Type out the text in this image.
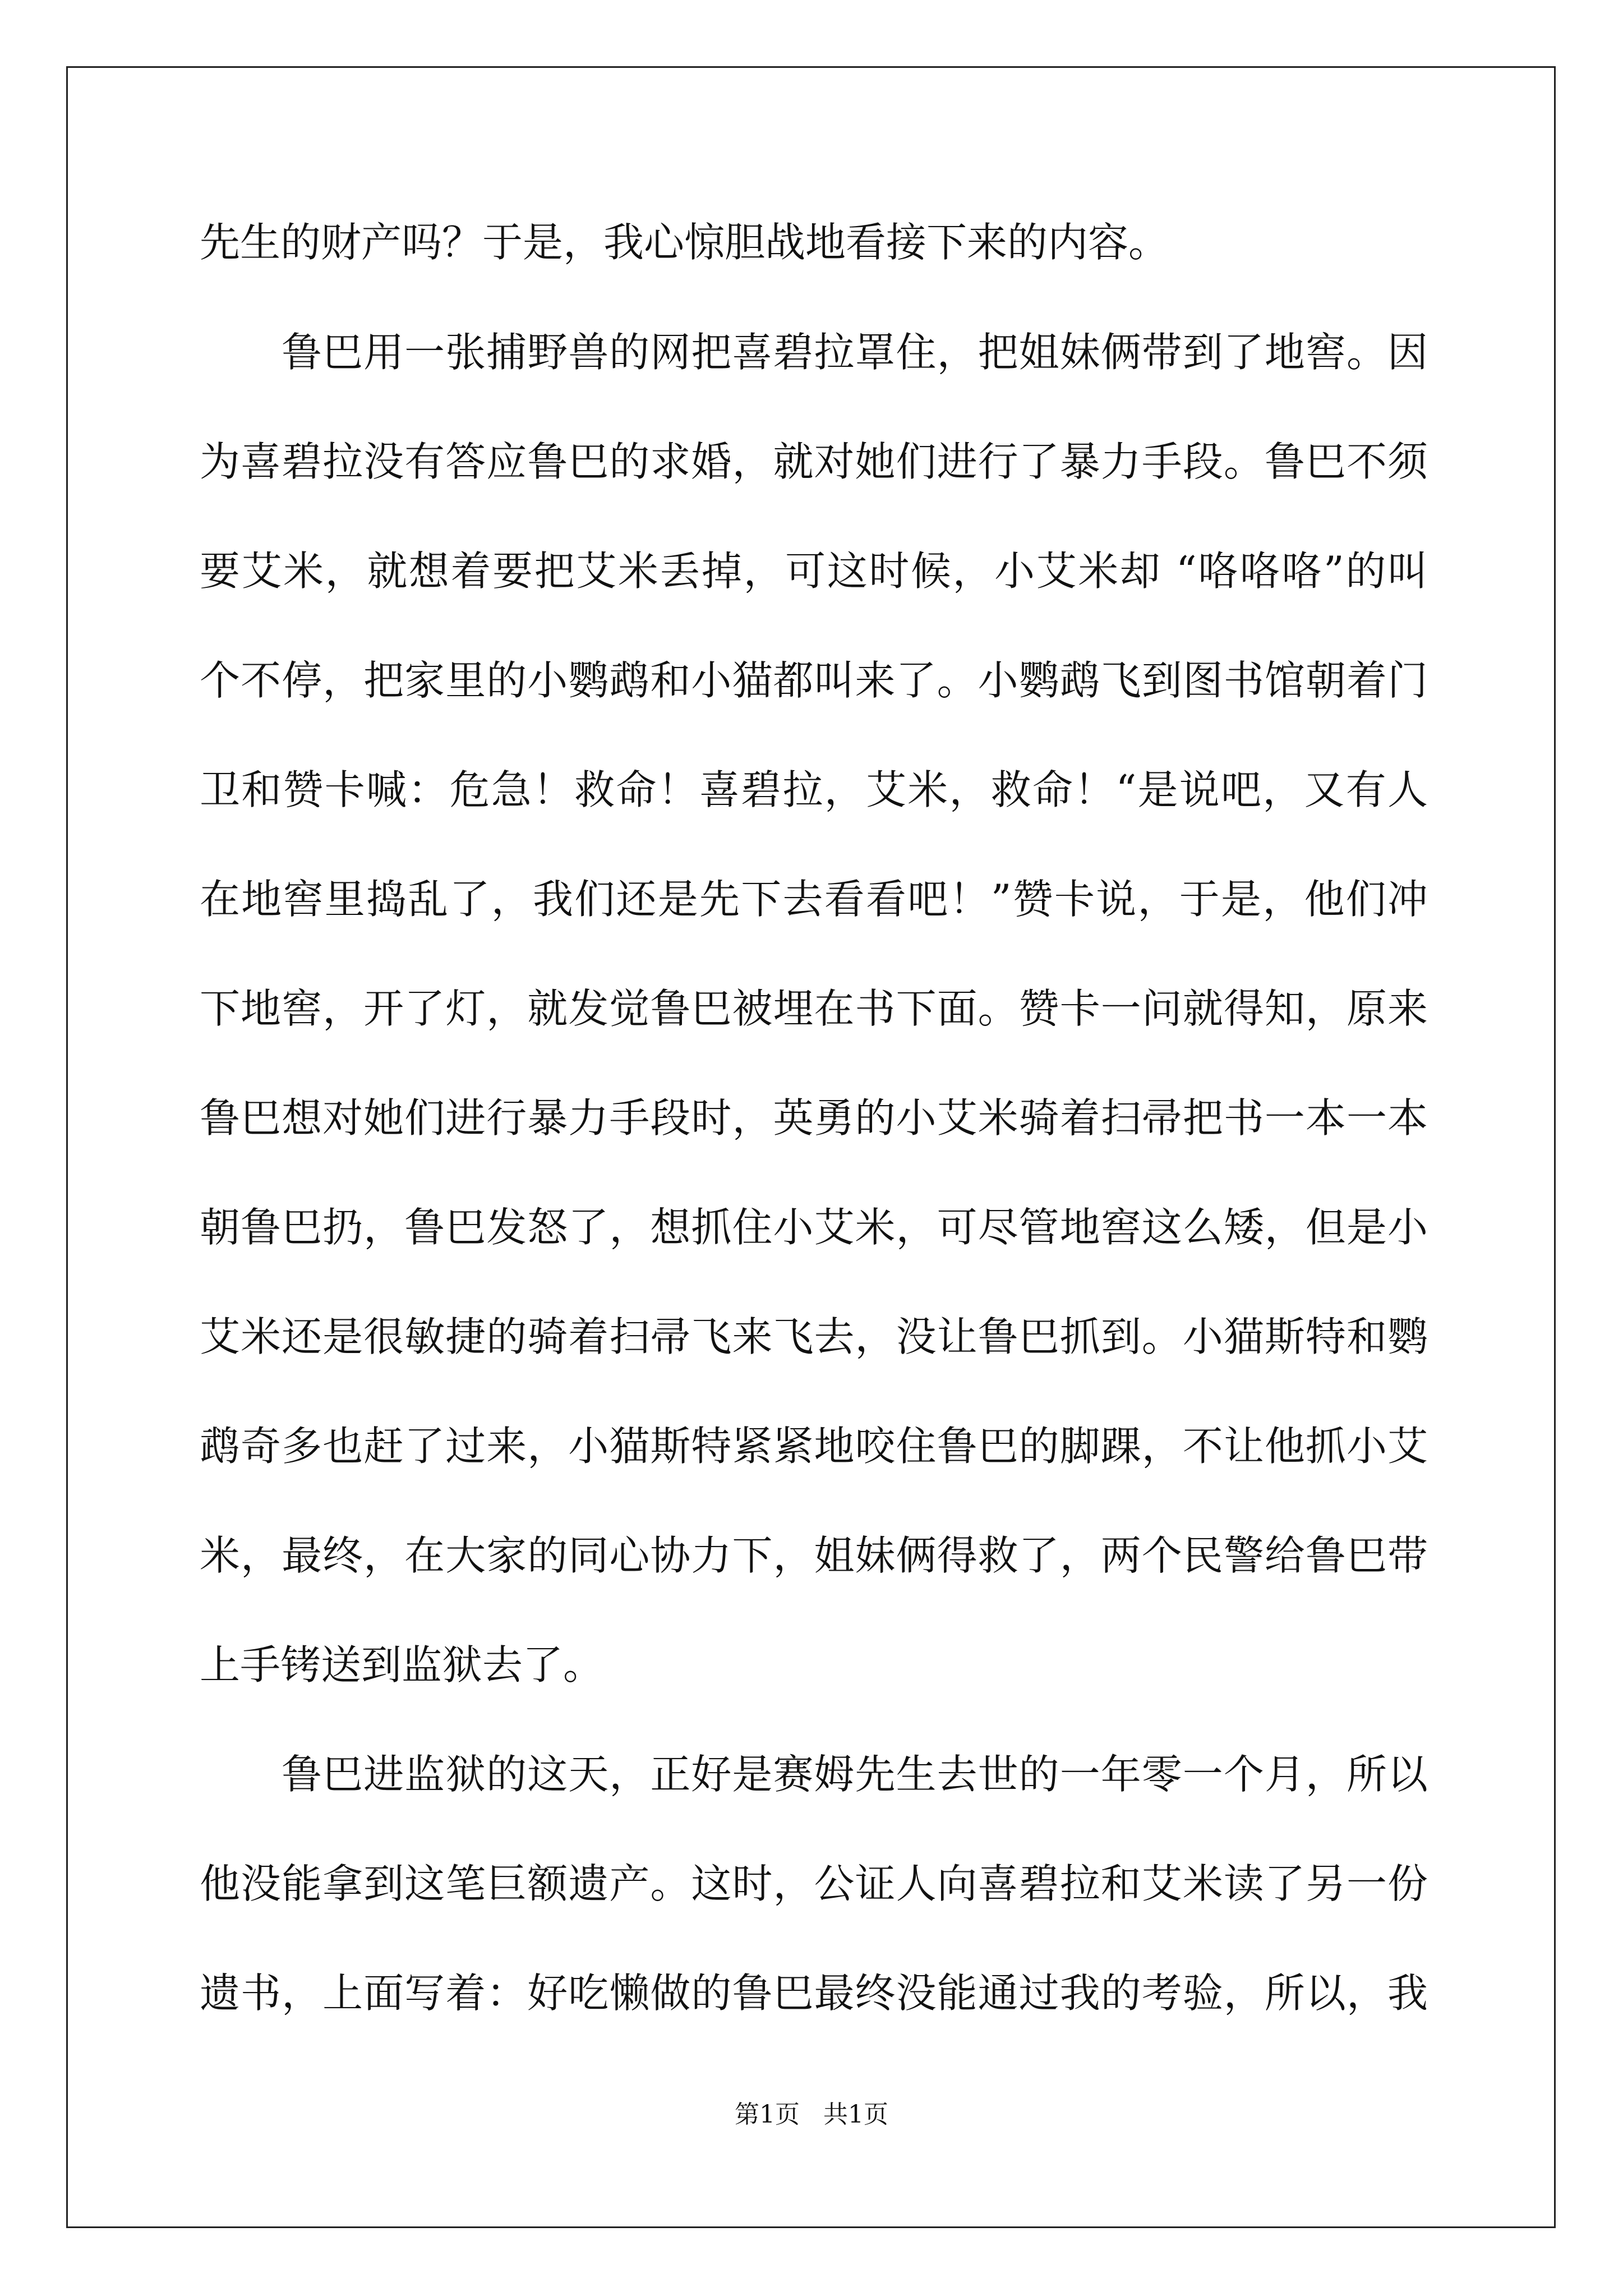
先生的财产吗？于是，我心惊胆战地看接下来的内容。
鲁巴用一张捕野兽的网把喜碧拉罩住，把姐妹俩带到了地窖。因
为喜碧拉没有答应鲁巴的求婚，就对她们进行了暴力手段。鲁巴不须
要艾米，就想着要把艾米丢掉，可这时候，小艾米却 “咯咯咯”的叫
个不停，把家里的小鹦鹉和小猫都叫来了。小鹦鹉飞到图书馆朝着门
卫和赞卡喊：危急！救命！喜碧拉，艾米，救命！“是说吧，又有人
在地窖里捣乱了，我们还是先下去看看吧！”赞卡说，于是，他们冲
下地窖，开了灯，就发觉鲁巴被埋在书下面。赞卡一问就得知，原来
鲁巴想对她们进行暴力手段时，英勇的小艾米骑着扫帚把书一本一本
朝鲁巴扔，鲁巴发怒了，想抓住小艾米，可尽管地窖这么矮，但是小
艾米还是很敏捷的骑着扫帚飞来飞去，没让鲁巴抓到。小猫斯特和鹦
鹉奇多也赶了过来，小猫斯特紧紧地咬住鲁巴的脚踝，不让他抓小艾
米，最终，在大家的同心协力下，姐妹俩得救了，两个民警给鲁巴带
上手铐送到监狱去了。
鲁巴进监狱的这天，正好是赛姆先生去世的一年零一个月，所以
他没能拿到这笔巨额遗产。这时，公证人向喜碧拉和艾米读了另一份
遗书，上面写着：好吃懒做的鲁巴最终没能通过我的考验，所以，我
第1页 共1页
